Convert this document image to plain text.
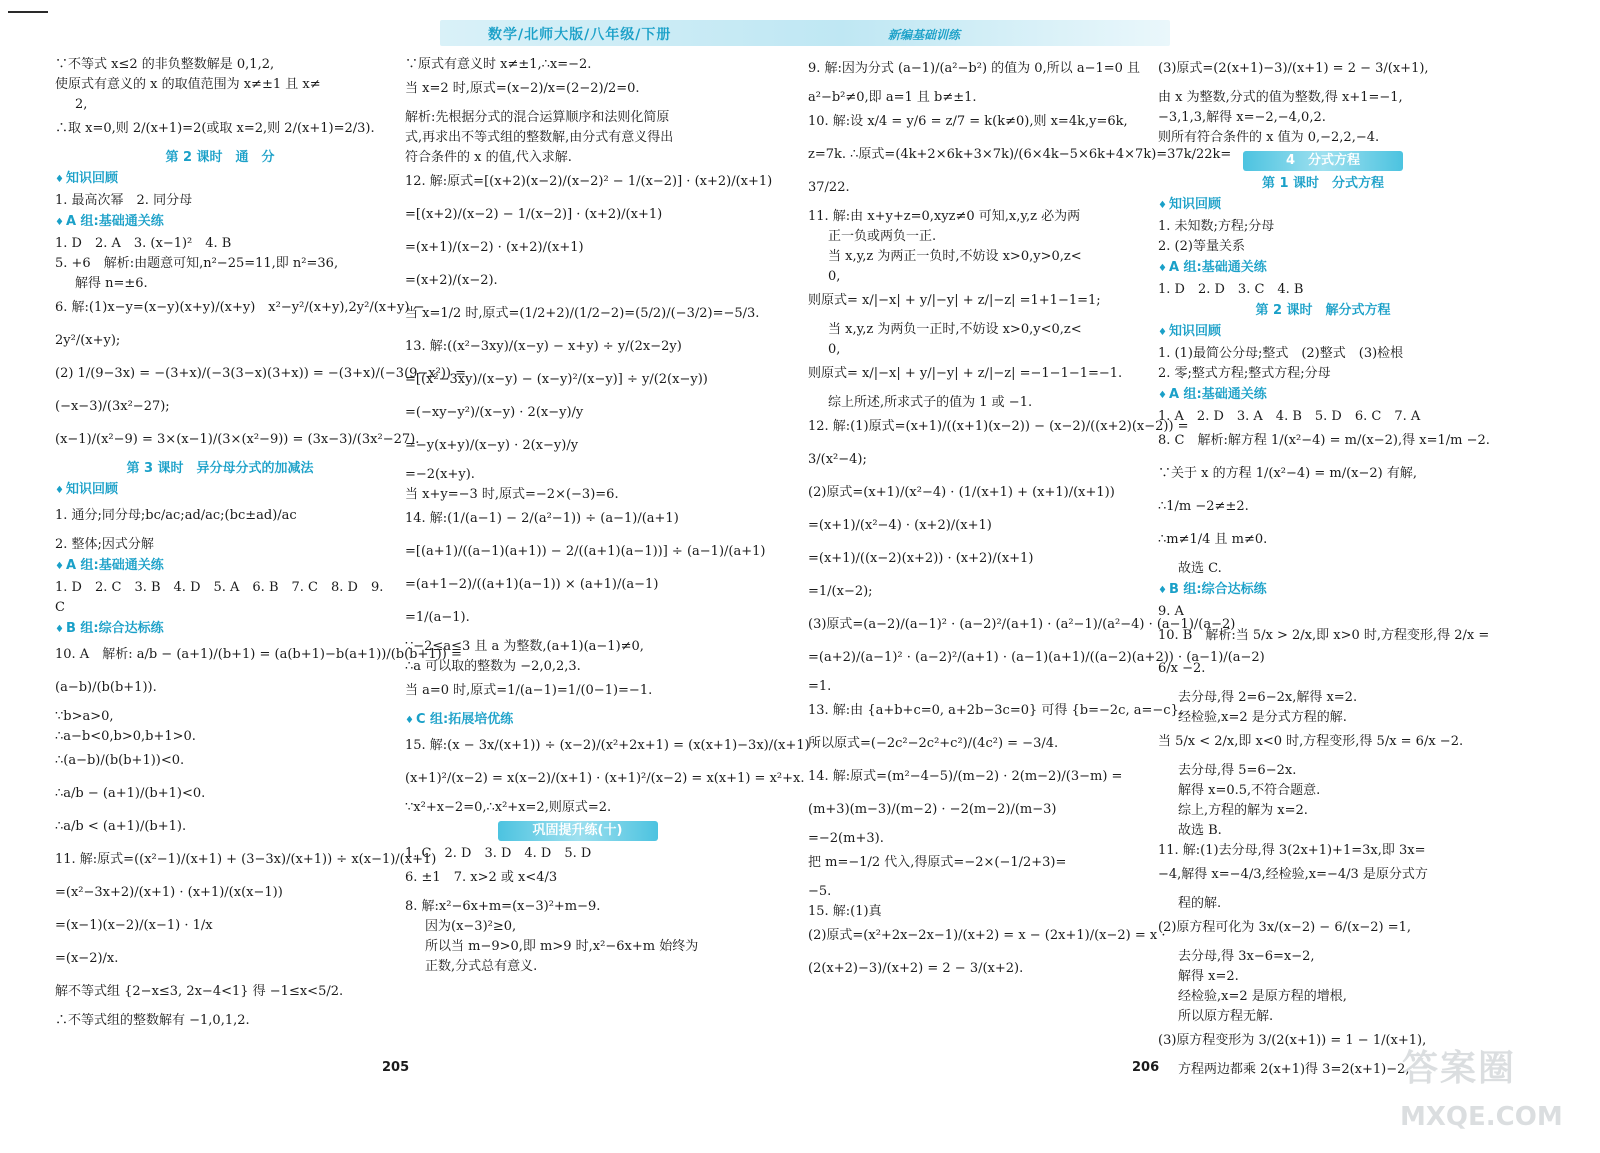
数学/北师大版/八年级/下册	新编基础训练
∵不等式 x≤2 的非负整数解是 0,1,2,
使原式有意义的 x 的取值范围为 x≠±1 且 x≠
2,
∴取 x=0,则 2/(x+1)=2(或取 x=2,则 2/(x+1)=2/3).
第 2 课时　通　分
♦ 知识回顾
1. 最高次幂　2. 同分母
♦ A 组:基础通关练
1. D　2. A　3. (x−1)²　4. B
5. +6　解析:由题意可知,n²−25=11,即 n²=36,
解得 n=±6.
6. 解:(1)x−y=(x−y)(x+y)/(x+y)　x²−y²/(x+y),2y²/(x+y) −
2y²/(x+y);
(2) 1/(9−3x) = −(3+x)/(−3(3−x)(3+x)) = −(3+x)/(−3(9−x²)) =
(−x−3)/(3x²−27);
(x−1)/(x²−9) = 3×(x−1)/(3×(x²−9)) = (3x−3)/(3x²−27).
第 3 课时　异分母分式的加减法
♦ 知识回顾
1. 通分;同分母;bc/ac;ad/ac;(bc±ad)/ac
2. 整体;因式分解
♦ A 组:基础通关练
1. D　2. C　3. B　4. D　5. A　6. B　7. C　8. D　9.
C
♦ B 组:综合达标练
10. A　解析: a/b − (a+1)/(b+1) = (a(b+1)−b(a+1))/(b(b+1)) =
(a−b)/(b(b+1)).
∵b>a>0,
∴a−b<0,b>0,b+1>0.
∴(a−b)/(b(b+1))<0.
∴a/b − (a+1)/(b+1)<0.
∴a/b < (a+1)/(b+1).
11. 解:原式=((x²−1)/(x+1) + (3−3x)/(x+1)) ÷ x(x−1)/(x+1)
=(x²−3x+2)/(x+1) · (x+1)/(x(x−1))
=(x−1)(x−2)/(x−1) · 1/x
=(x−2)/x.
解不等式组 {2−x≤3, 2x−4<1} 得 −1≤x<5/2.
∴不等式组的整数解有 −1,0,1,2.
∵原式有意义时 x≠±1,∴x=−2.
当 x=2 时,原式=(x−2)/x=(2−2)/2=0.
解析:先根据分式的混合运算顺序和法则化简原
式,再求出不等式组的整数解,由分式有意义得出
符合条件的 x 的值,代入求解.
12. 解:原式=[(x+2)(x−2)/(x−2)² − 1/(x−2)] · (x+2)/(x+1)
=[(x+2)/(x−2) − 1/(x−2)] · (x+2)/(x+1)
=(x+1)/(x−2) · (x+2)/(x+1)
=(x+2)/(x−2).
当 x=1/2 时,原式=(1/2+2)/(1/2−2)=(5/2)/(−3/2)=−5/3.
13. 解:((x²−3xy)/(x−y) − x+y) ÷ y/(2x−2y)
=[(x²−3xy)/(x−y) − (x−y)²/(x−y)] ÷ y/(2(x−y))
=(−xy−y²)/(x−y) · 2(x−y)/y
=−y(x+y)/(x−y) · 2(x−y)/y
=−2(x+y).
当 x+y=−3 时,原式=−2×(−3)=6.
14. 解:(1/(a−1) − 2/(a²−1)) ÷ (a−1)/(a+1)
=[(a+1)/((a−1)(a+1)) − 2/((a+1)(a−1))] ÷ (a−1)/(a+1)
=(a+1−2)/((a+1)(a−1)) × (a+1)/(a−1)
=1/(a−1).
∵−2≤a≤3 且 a 为整数,(a+1)(a−1)≠0,
∴a 可以取的整数为 −2,0,2,3.
当 a=0 时,原式=1/(a−1)=1/(0−1)=−1.
♦ C 组:拓展培优练
15. 解:(x − 3x/(x+1)) ÷ (x−2)/(x²+2x+1) = (x(x+1)−3x)/(x+1) ·
(x+1)²/(x−2) = x(x−2)/(x+1) · (x+1)²/(x−2) = x(x+1) = x²+x.
∵x²+x−2=0,∴x²+x=2,则原式=2.
巩固提升练(十)
1. C　2. D　3. D　4. D　5. D
6. ±1　7. x>2 或 x<4/3
8. 解:x²−6x+m=(x−3)²+m−9.
因为(x−3)²≥0,
所以当 m−9>0,即 m>9 时,x²−6x+m 始终为
正数,分式总有意义.
9. 解:因为分式 (a−1)/(a²−b²) 的值为 0,所以 a−1=0 且
a²−b²≠0,即 a=1 且 b≠±1.
10. 解:设 x/4 = y/6 = z/7 = k(k≠0),则 x=4k,y=6k,
z=7k. ∴原式=(4k+2×6k+3×7k)/(6×4k−5×6k+4×7k)=37k/22k=
37/22.
11. 解:由 x+y+z=0,xyz≠0 可知,x,y,z 必为两
正一负或两负一正.
当 x,y,z 为两正一负时,不妨设 x>0,y>0,z<
0,
则原式= x/|−x| + y/|−y| + z/|−z| =1+1−1=1;
当 x,y,z 为两负一正时,不妨设 x>0,y<0,z<
0,
则原式= x/|−x| + y/|−y| + z/|−z| =−1−1−1=−1.
综上所述,所求式子的值为 1 或 −1.
12. 解:(1)原式=(x+1)/((x+1)(x−2)) − (x−2)/((x+2)(x−2)) =
3/(x²−4);
(2)原式=(x+1)/(x²−4) · (1/(x+1) + (x+1)/(x+1))
=(x+1)/(x²−4) · (x+2)/(x+1)
=(x+1)/((x−2)(x+2)) · (x+2)/(x+1)
=1/(x−2);
(3)原式=(a−2)/(a−1)² · (a−2)²/(a+1) · (a²−1)/(a²−4) · (a−1)/(a−2)
=(a+2)/(a−1)² · (a−2)²/(a+1) · (a−1)(a+1)/((a−2)(a+2)) · (a−1)/(a−2)
=1.
13. 解:由 {a+b+c=0, a+2b−3c=0} 可得 {b=−2c, a=−c}.
所以原式=(−2c²−2c²+c²)/(4c²) = −3/4.
14. 解:原式=(m²−4−5)/(m−2) · 2(m−2)/(3−m) =
(m+3)(m−3)/(m−2) · −2(m−2)/(m−3)
=−2(m+3).
把 m=−1/2 代入,得原式=−2×(−1/2+3)=
−5.
15. 解:(1)真
(2)原式=(x²+2x−2x−1)/(x+2) = x − (2x+1)/(x−2) = x ·
(2(x+2)−3)/(x+2) = 2 − 3/(x+2).
(3)原式=(2(x+1)−3)/(x+1) = 2 − 3/(x+1),
由 x 为整数,分式的值为整数,得 x+1=−1,
−3,1,3,解得 x=−2,−4,0,2.
则所有符合条件的 x 值为 0,−2,2,−4.
4　分式方程
第 1 课时　分式方程
♦ 知识回顾
1. 未知数;方程;分母
2. (2)等量关系
♦ A 组:基础通关练
1. D　2. D　3. C　4. B
第 2 课时　解分式方程
♦ 知识回顾
1. (1)最简公分母;整式　(2)整式　(3)检根
2. 零;整式方程;整式方程;分母
♦ A 组:基础通关练
1. A　2. D　3. A　4. B　5. D　6. C　7. A
8. C　解析:解方程 1/(x²−4) = m/(x−2),得 x=1/m −2.
∵关于 x 的方程 1/(x²−4) = m/(x−2) 有解,
∴1/m −2≠±2.
∴m≠1/4 且 m≠0.
故选 C.
♦ B 组:综合达标练
9. A
10. B　解析:当 5/x > 2/x,即 x>0 时,方程变形,得 2/x =
6/x −2.
去分母,得 2=6−2x,解得 x=2.
经检验,x=2 是分式方程的解.
当 5/x < 2/x,即 x<0 时,方程变形,得 5/x = 6/x −2.
去分母,得 5=6−2x.
解得 x=0.5,不符合题意.
综上,方程的解为 x=2.
故选 B.
11. 解:(1)去分母,得 3(2x+1)+1=3x,即 3x=
−4,解得 x=−4/3,经检验,x=−4/3 是原分式方
程的解.
(2)原方程可化为 3x/(x−2) − 6/(x−2) =1,
去分母,得 3x−6=x−2,
解得 x=2.
经检验,x=2 是原方程的增根,
所以原方程无解.
(3)原方程变形为 3/(2(x+1)) = 1 − 1/(x+1),
方程两边都乘 2(x+1)得 3=2(x+1)−2,
205	206	答案圈
MXQE.COM
